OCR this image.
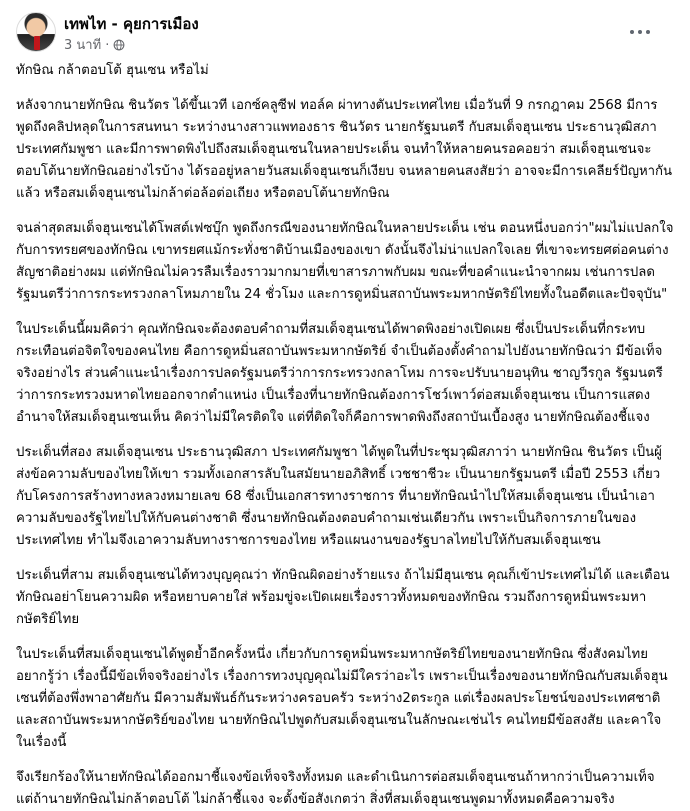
เทพไท - คุยการเมือง
3 นาที ·

ทักษิณ กล้าตอบโต้ ฮุนเซน หรือไม่

หลังจากนายทักษิณ ชินวัตร ได้ขึ้นเวที เอกซ์คลูซีฟ ทอล์ค ผ่าทางตันประเทศไทย เมื่อวันที่ 9 กรกฎาคม 2568 มีการพูดถึงคลิปหลุดในการสนทนา ระหว่างนางสาวแพทองธาร ชินวัตร นายกรัฐมนตรี กับสมเด็จฮุนเซน ประธานวุฒิสภา ประเทศกัมพูชา และมีการพาดพิงไปถึงสมเด็จฮุนเซนในหลายประเด็น จนทำให้หลายคนรอคอยว่า สมเด็จฮุนเซนจะตอบโต้นายทักษิณอย่างไรบ้าง ได้รออยู่หลายวันสมเด็จฮุนเซนก็เงียบ จนหลายคนสงสัยว่า อาจจะมีการเคลียร์ปัญหากันแล้ว หรือสมเด็จฮุนเซนไม่กล้าต่อล้อต่อเถียง หรือตอบโต้นายทักษิณ

จนล่าสุดสมเด็จฮุนเซนได้โพสต์เฟซบุ๊ก พูดถึงกรณีของนายทักษิณในหลายประเด็น เช่น ตอนหนึ่งบอกว่า"ผมไม่แปลกใจกับการทรยศของทักษิณ เขาทรยศแม้กระทั่งชาติบ้านเมืองของเขา ดังนั้นจึงไม่น่าแปลกใจเลย ที่เขาจะทรยศต่อคนต่างสัญชาติอย่างผม แต่ทักษิณไม่ควรลืมเรื่องราวมากมายที่เขาสารภาพกับผม ขณะที่ขอคำแนะนำจากผม เช่นการปลดรัฐมนตรีว่าการกระทรวงกลาโหมภายใน 24 ชั่วโมง และการดูหมิ่นสถาบันพระมหากษัตริย์ไทยทั้งในอดีตและปัจจุบัน"

ในประเด็นนี้ผมคิดว่า คุณทักษิณจะต้องตอบคำถามที่สมเด็จฮุนเซนได้พาดพิงอย่างเปิดเผย ซึ่งเป็นประเด็นที่กระทบกระเทือนต่อจิตใจของคนไทย คือการดูหมิ่นสถาบันพระมหากษัตริย์ จำเป็นต้องตั้งคำถามไปยังนายทักษิณว่า มีข้อเท็จจริงอย่างไร ส่วนคำแนะนำเรื่องการปลดรัฐมนตรีว่าการกระทรวงกลาโหม การจะปรับนายอนุทิน ชาญวีรกูล รัฐมนตรีว่าการกระทรวงมหาดไทยออกจากตำแหน่ง เป็นเรื่องที่นายทักษิณต้องการโชว์เพาว์ต่อสมเด็จฮุนเซน เป็นการแสดงอำนาจให้สมเด็จฮุนเซนเห็น คิดว่าไม่มีใครติดใจ แต่ที่ติดใจก็คือการพาดพิงถึงสถาบันเบื้องสูง นายทักษิณต้องชี้แจง

ประเด็นที่สอง สมเด็จฮุนเซน ประธานวุฒิสภา ประเทศกัมพูชา ได้พูดในที่ประชุมวุฒิสภาว่า นายทักษิณ ชินวัตร เป็นผู้ส่งข้อความลับของไทยให้เขา รวมทั้งเอกสารลับในสมัยนายอภิสิทธิ์ เวชชาชีวะ เป็นนายกรัฐมนตรี เมื่อปี 2553 เกี่ยวกับโครงการสร้างทางหลวงหมายเลข 68 ซึ่งเป็นเอกสารทางราชการ ที่นายทักษิณนำไปให้สมเด็จฮุนเซน เป็นนำเอาความลับของรัฐไทยไปให้กับคนต่างชาติ ซึ่งนายทักษิณต้องตอบคำถามเช่นเดียวกัน เพราะเป็นกิจการภายในของประเทศไทย ทำไมจึงเอาความลับทางราชการของไทย หรือแผนงานของรัฐบาลไทยไปให้กับสมเด็จฮุนเซน

ประเด็นที่สาม สมเด็จฮุนเซนได้ทวงบุญคุณว่า ทักษิณผิดอย่างร้ายแรง ถ้าไม่มีฮุนเซน คุณก็เข้าประเทศไม่ได้ และเตือนทักษิณอย่าโยนความผิด หรือหยาบคายใส่ พร้อมขู่จะเปิดเผยเรื่องราวทั้งหมดของทักษิณ รวมถึงการดูหมิ่นพระมหากษัตริย์ไทย

ในประเด็นที่สมเด็จฮุนเซนได้พูดย้ำอีกครั้งหนึ่ง เกี่ยวกับการดูหมิ่นพระมหากษัตริย์ไทยของนายทักษิณ ซึ่งสังคมไทยอยากรู้ว่า เรื่องนี้มีข้อเท็จจริงอย่างไร เรื่องการทวงบุญคุณไม่มีใครว่าอะไร เพราะเป็นเรื่องของนายทักษิณกับสมเด็จฮุนเซนที่ต้องพึ่งพาอาศัยกัน มีความสัมพันธ์กันระหว่างครอบครัว ระหว่าง2ตระกูล แต่เรื่องผลประโยชน์ของประเทศชาติ และสถาบันพระมหากษัตริย์ของไทย นายทักษิณไปพูดกับสมเด็จฮุนเซนในลักษณะเช่นไร คนไทยมีข้อสงสัย และคาใจในเรื่องนี้

จึงเรียกร้องให้นายทักษิณได้ออกมาชี้แจงข้อเท็จจริงทั้งหมด และดำเนินการต่อสมเด็จฮุนเซนถ้าหากว่าเป็นความเท็จ แต่ถ้านายทักษิณไม่กล้าตอบโต้ ไม่กล้าชี้แจง จะตั้งข้อสังเกตว่า สิ่งที่สมเด็จฮุนเซนพูดมาทั้งหมดคือความจริง
